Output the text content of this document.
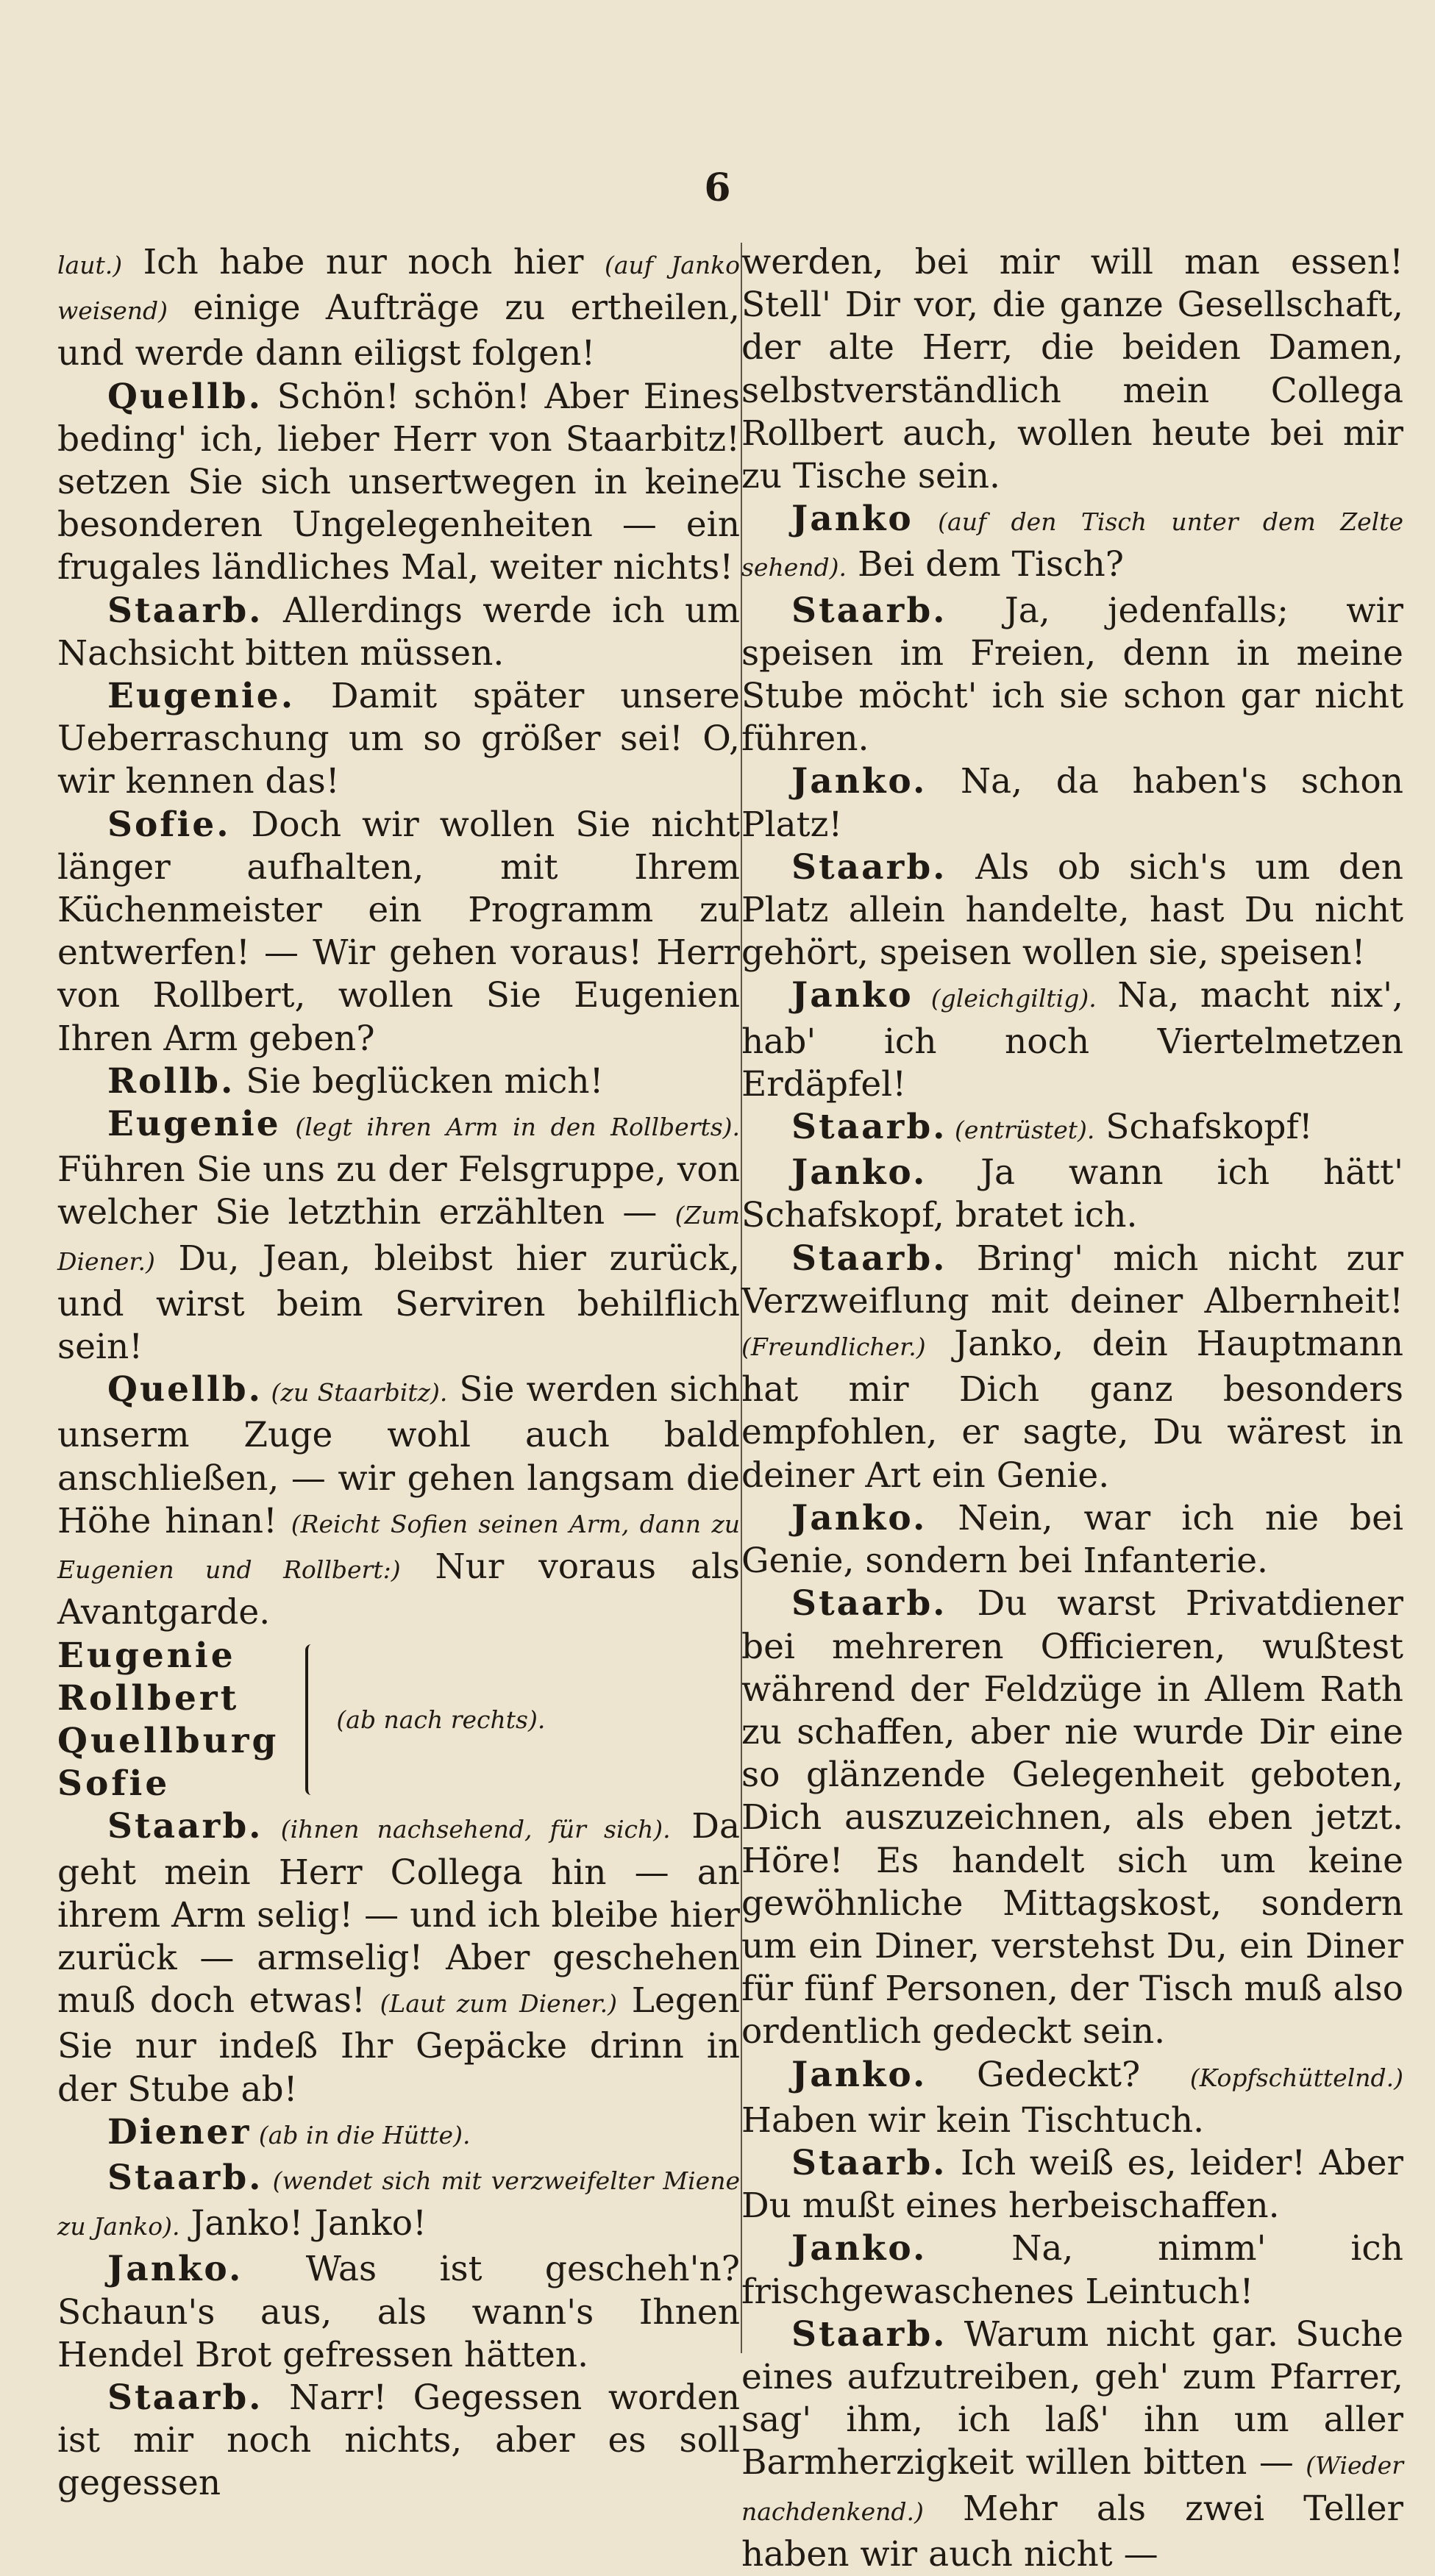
6

laut.) Ich habe nur noch hier (auf Janko weisend) einige Aufträge zu ertheilen, und werde dann eiligst folgen!

Quellb. Schön! schön! Aber Eines beding' ich, lieber Herr von Staarbitz! setzen Sie sich unsertwegen in keine besonderen Ungelegenheiten — ein frugales ländliches Mal, weiter nichts!

Staarb. Allerdings werde ich um Nachsicht bitten müssen.

Eugenie. Damit später unsere Ueberraschung um so größer sei! O, wir kennen das!

Sofie. Doch wir wollen Sie nicht länger aufhalten, mit Ihrem Küchenmeister ein Programm zu entwerfen! — Wir gehen voraus! Herr von Rollbert, wollen Sie Eugenien Ihren Arm geben?

Rollb. Sie beglücken mich!

Eugenie (legt ihren Arm in den Rollberts). Führen Sie uns zu der Felsgruppe, von welcher Sie letzthin erzählten — (Zum Diener.) Du, Jean, bleibst hier zurück, und wirst beim Serviren behilflich sein!

Quellb. (zu Staarbitz). Sie werden sich unserm Zuge wohl auch bald anschließen, — wir gehen langsam die Höhe hinan! (Reicht Sofien seinen Arm, dann zu Eugenien und Rollbert:) Nur voraus als Avantgarde.

Eugenie
Rollbert
Quellburg
Sofie
(ab nach rechts).

Staarb. (ihnen nachsehend, für sich). Da geht mein Herr Collega hin — an ihrem Arm selig! — und ich bleibe hier zurück — armselig! Aber geschehen muß doch etwas! (Laut zum Diener.) Legen Sie nur indeß Ihr Gepäcke drinn in der Stube ab!

Diener (ab in die Hütte).

Staarb. (wendet sich mit verzweifelter Miene zu Janko). Janko! Janko!

Janko. Was ist gescheh'n? Schaun's aus, als wann's Ihnen Hendel Brot gefressen hätten.

Staarb. Narr! Gegessen worden ist mir noch nichts, aber es soll gegessen

werden, bei mir will man essen! Stell' Dir vor, die ganze Gesellschaft, der alte Herr, die beiden Damen, selbstverständlich mein Collega Rollbert auch, wollen heute bei mir zu Tische sein.

Janko (auf den Tisch unter dem Zelte sehend). Bei dem Tisch?

Staarb. Ja, jedenfalls; wir speisen im Freien, denn in meine Stube möcht' ich sie schon gar nicht führen.

Janko. Na, da haben's schon Platz!

Staarb. Als ob sich's um den Platz allein handelte, hast Du nicht gehört, speisen wollen sie, speisen!

Janko (gleichgiltig). Na, macht nix', hab' ich noch Viertelmetzen Erdäpfel!

Staarb. (entrüstet). Schafskopf!

Janko. Ja wann ich hätt' Schafskopf, bratet ich.

Staarb. Bring' mich nicht zur Verzweiflung mit deiner Albernheit! (Freundlicher.) Janko, dein Hauptmann hat mir Dich ganz besonders empfohlen, er sagte, Du wärest in deiner Art ein Genie.

Janko. Nein, war ich nie bei Genie, sondern bei Infanterie.

Staarb. Du warst Privatdiener bei mehreren Officieren, wußtest während der Feldzüge in Allem Rath zu schaffen, aber nie wurde Dir eine so glänzende Gelegenheit geboten, Dich auszuzeichnen, als eben jetzt. Höre! Es handelt sich um keine gewöhnliche Mittagskost, sondern um ein Diner, verstehst Du, ein Diner für fünf Personen, der Tisch muß also ordentlich gedeckt sein.

Janko. Gedeckt? (Kopfschüttelnd.) Haben wir kein Tischtuch.

Staarb. Ich weiß es, leider! Aber Du mußt eines herbeischaffen.

Janko. Na, nimm' ich frischgewaschenes Leintuch!

Staarb. Warum nicht gar. Suche eines aufzutreiben, geh' zum Pfarrer, sag' ihm, ich laß' ihn um aller Barmherzigkeit willen bitten — (Wieder nachdenkend.) Mehr als zwei Teller haben wir auch nicht —
